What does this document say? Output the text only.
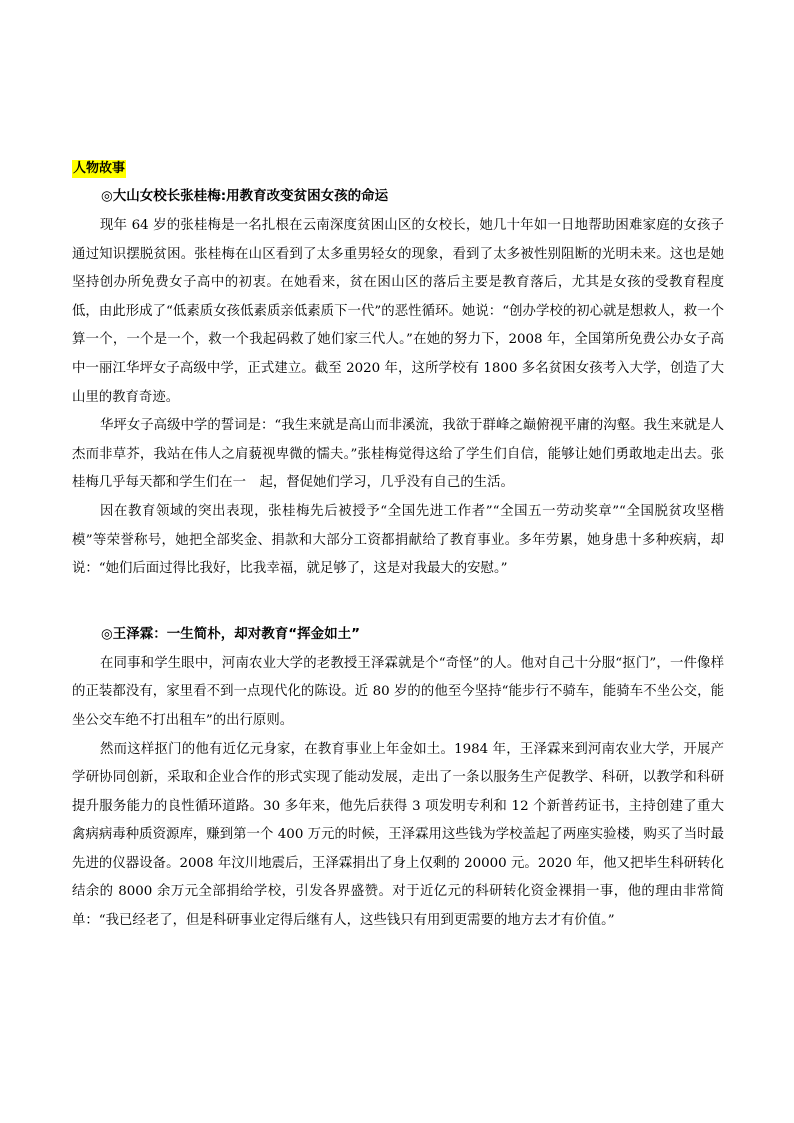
人物故事
◎大山女校长张桂梅:用教育改变贫困女孩的命运

现年 64 岁的张桂梅是一名扎根在云南深度贫困山区的女校长，她几十年如一日地帮助困难家庭的女孩子通过知识摆脱贫困。张桂梅在山区看到了太多重男轻女的现象，看到了太多被性别阻断的光明未来。这也是她坚持创办所免费女子高中的初衷。在她看来，贫在困山区的落后主要是教育落后，尤其是女孩的受教育程度低，由此形成了“低素质女孩低素质亲低素质下一代”的恶性循环。她说：“创办学校的初心就是想救人，救一个算一个，一个是一个，救一个我起码救了她们家三代人。”在她的努力下，2008 年，全国第所免费公办女子高中一丽江华坪女子高级中学，正式建立。截至 2020 年，这所学校有 1800 多名贫困女孩考入大学，创造了大山里的教育奇迹。

华坪女子高级中学的誓词是：“我生来就是高山而非溪流，我欲于群峰之巅俯视平庸的沟壑。我生来就是人杰而非草芥，我站在伟人之肩藐视卑微的懦夫。”张桂梅觉得这给了学生们自信，能够让她们勇敢地走出去。张桂梅几乎每天都和学生们在一　起，督促她们学习，几乎没有自己的生活。

因在教育领域的突出表现，张桂梅先后被授予“全国先进工作者”“全国五一劳动奖章”“全国脱贫攻坚楷模”等荣誉称号，她把全部奖金、捐款和大部分工资都捐献给了教育事业。多年劳累，她身患十多种疾病，却说：“她们后面过得比我好，比我幸福，就足够了，这是对我最大的安慰。”

◎王泽霖：一生简朴，却对教育“挥金如土”

在同事和学生眼中，河南农业大学的老教授王泽霖就是个“奇怪”的人。他对自己十分服“抠门”，一件像样的正装都没有，家里看不到一点现代化的陈设。近 80 岁的的他至今坚持“能步行不骑车，能骑车不坐公交，能坐公交车绝不打出租车”的出行原则。

然而这样抠门的他有近亿元身家，在教育事业上年金如土。1984 年，王泽霖来到河南农业大学，开展产学研协同创新，采取和企业合作的形式实现了能动发展，走出了一条以服务生产促教学、科研，以教学和科研提升服务能力的良性循环道路。30 多年来，他先后获得 3 项发明专利和 12 个新普药证书，主持创建了重大禽病病毒种质资源库，赚到第一个 400 万元的时候，王泽霖用这些钱为学校盖起了两座实验楼，购买了当时最先进的仪器设备。2008 年汶川地震后，王泽霖捐出了身上仅剩的 20000 元。2020 年，他又把毕生科研转化结余的 8000 余万元全部捐给学校，引发各界盛赞。对于近亿元的科研转化资金裸捐一事，他的理由非常简单：“我已经老了，但是科研事业定得后继有人，这些钱只有用到更需要的地方去才有价值。”
